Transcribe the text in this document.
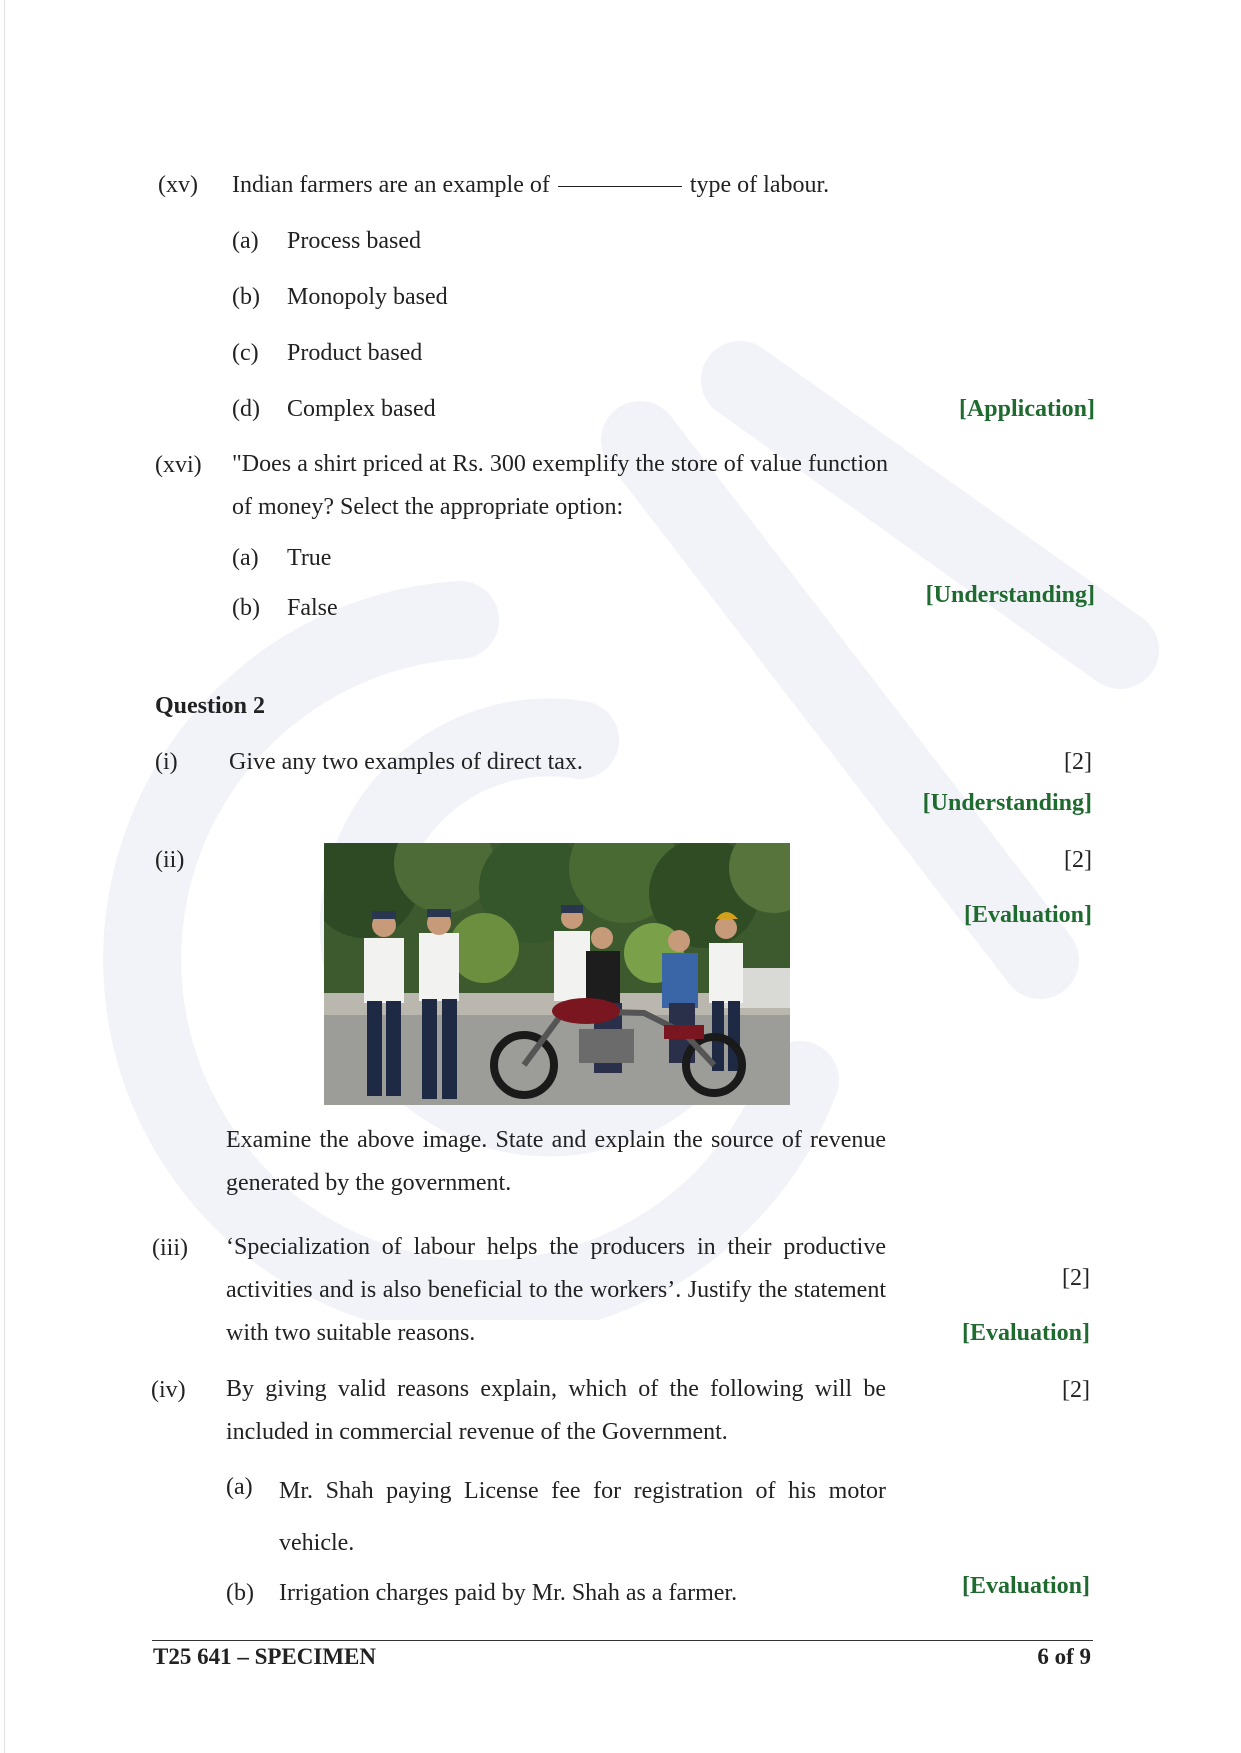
(xv) Indian farmers are an example of	type of labour.
(a) Process based
(b) Monopoly based
(c) Product based
(d) Complex based	[Application]
(xvi) "Does a shirt priced at Rs. 300 exemplify the store of value function of money? Select the appropriate option:
(a) True
(b) False	[Understanding]
Question 2
(i) Give any two examples of direct tax.	[2]
[Understanding]
(ii)	[2]
[Evaluation]
Examine the above image. State and explain the source of revenue generated by the government.
(iii) ‘Specialization of labour helps the producers in their productive activities and is also beneficial to the workers’. Justify the statement with two suitable reasons.
[2]
[Evaluation]
(iv) By giving valid reasons explain, which of the following will be included in commercial revenue of the Government.
[2]
(a) Mr. Shah paying License fee for registration of his motor vehicle.
(b) Irrigation charges paid by Mr. Shah as a farmer.	[Evaluation]
T25 641 – SPECIMEN	6 of 9
